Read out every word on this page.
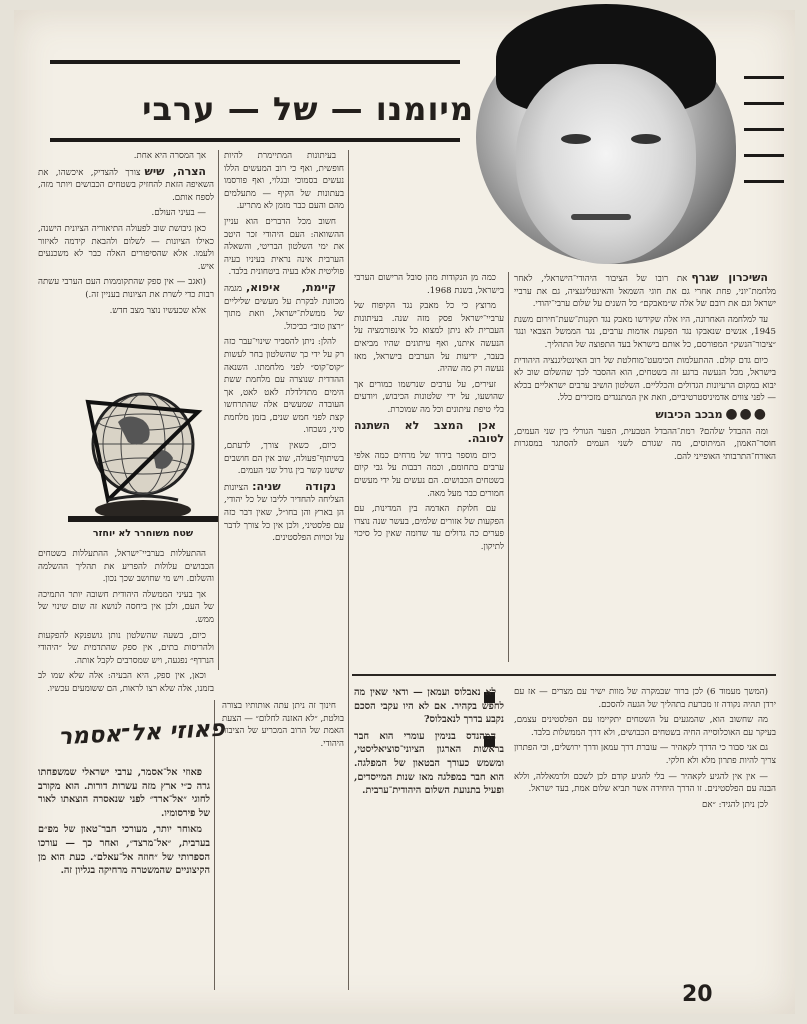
מיומנו — של — ערבי

השיכרון שגרףאת רובו של הציבור היהודי־הישראלי, לאחר מלחמת־יוני, פחת אחרי גם את חוגי השמאל והאינטליגנציה, גם את ערביי ישראל וגם את רובם של אלה ש״מאבקם״ כל השנים על שלום ערבי־יהודי.

עד למלחמה האחרונה, היו אלה שקידשו מאבק נגד תקנות־שעת־חירום משנת 1945, אנשים שנאבקו נגד הפקעת אדמות ערבים, נגד הממשל הצבאי ונגד ״ציבור־הנשק״ המפורסם, כל אותם בישראל בעד התפוצה של התהליך.

כיום גדם קולם. ההתעלמות הכימעט־מוחלטת של רוב האינטליגנציה היהודית בישראל, מכל הנעשה ברגע זה בשטחים, הוא ההסבר לכך שהשלום שוב לא יבוא במקום הרעיונות הגדולים והכלליים. השלטון הושיב ערבים ישראליים בכלא — לפני צווים אדמיניסטרטיביים, וזאת אין המתנגדים מזכירים כלל.

●●● מבכב הכיבוש

ומה ההבדל שלהם? רמת־ההבדל הטבעית, הפער הגורלי בין שני העמים, חוסר־האמון, המיתוסים, מה שגורם לשני העמים להסתגר במסגרות האורח־התרבותי האופייני להם.

כמה מן הנקודות מהן סובל הרישום הערבי בישראל, בשנת 1968.

מרוצץ כי כל מאבק נגד הקיפוח של ערביי־ישראל פסק מזה שנה. בעיתונות העברית לא ניתן למצוא כל אינפורמציה על הנעשה איתנו, ואף עיתונים שהיו מביאים בעבר, ידיעות על הערבים בישראל, מאז נעשה רק מה שהיה.

זעירים, על ערבים שנרשמו כמורים אך שהושעו, על ידי שלטונות הכיבוש, ויודעים בלי טיפת עיתונים וכל מה שמוכרת.

אכן המצב לא השתנה לטובה.

כיום מוספר בידוד של מרחים כמה אלפי ערבים בתחומם, וכמה רבבות על גבי קיום בשטחים הכבושים. הם נעשים על ידי מעשים חמורים כבר מעל מאה.

עם חלוקת האדמה בין המדינות, עם הפקעות של אזורים שלמים, בעשר שנה נוצרו פערים כה גדולים עד שדומה שאין כל סיכוי לתיקון.

בעיתונות המתיימרת להיות חופשית, ואף כי רוב המעשים הללו נעשים בסמוכי ובגלוי, ואף פורסמו בעתונות של הקיף — מתעלמים מהם והעם כבר מזמן לא מתריע.

חשוב מכל הדברים הוא עניין ההשוואה: העם היהודי זכר היטב את ימי השלטון הבריטי, והשאלה הערבית אינה נראית בעיניו בעיה פוליטית אלא בעיה ביטחונית בלבד.

קיימת, איפוא,מגמה מכוונת לבקרת על מעשים שליליים של ממשלת־ישראל, וזאת מתוך ״רצון טוב״ כביכול.

להלן: ניתן להסביר שינוי־עבר כזה רק על ידי כך שהשלטון בחר לעשות ״קוס־קוס״ לפני מלחמתו. השנאה ההדדית שנוצרה עם מלחמת ששת הימים מתדלדלת לאט לאט, אך העובדה שמעשים אלה שהתרחשו קצת לפני חמש שנים, בזמן מלחמת סיני, נשכחו.

כיום, כשאין צורך, לדעתם, בשיתוף־פעולה, שוב אין הם חושבים שישנו קשר בין גורל שני העמים.

נקודה שניה:הציונות הצליחה להחדיר לליבו של כל יהודי, הן בארץ והן בחו״ל, שאין דבר כזה עם פלסטיני, ולכן אין כל צורך לדבר על זכויות הפלסטינים.

אך המסרה היא אחת.

הצרה, שישצורך להצדיק, איכשהו, את השאיפה הזאת להחזיק בשטחים הכבושים ויותר מזה, לספח אותם.

— בעיני העולם.

כאן גיבושת שוב לפעולה התיאוריה הציונית הישנה, כאילו הציונות — לשלום ולהבאת קידמה לאיזור ולעמו. אלא שהסיפורים האלה כבר לא משכנעים איש.

(ואגב — אין ספק שהתקוממות העם הערבי עשתה רבות כדי לשרת את הציונות בעניין זה.)

אלא שכעשיו נוצר מצב חדש.

שטח משוחרר לא יוחזר

ההתעללות בערביי־ישראל, ההתעללות בשטחים הכבושים עלולות להפריע את תהליך ההשלמה והשלום. ויש מי שחושב שכך נכון.

אך בעיני הממשלה היהודית חשובה יותר התמיכה של העם, ולכן אין ביחסה לנושא זה שום שינוי של ממש.

כיום, בשעה שהשלטון נותן גושפנקא להפקעות ולהריסות בתים, אין ספק שהתדמית של ״היהודי הנרדף״ נפגעה, ויש שמסרבים לקבל אותה.

וכאן, אין ספק, היא הבעיה: אלה שלא שמו לב בזמנו, אלה שלא רצו לראות, הם ששומעים עכשיו.

פאוזי אל־אסמר

פאוזי אל־אסמר, ערבי ישראלי שמשפחתו גרה כ״י ארץ מזה עשרות דורות. הוא מקורב לחוגי ״אל־ארד״ לפני שנאסרה הוצאתו לאור של פירסומיו.

מאוחר יותר, מעורכי חבר־טאון של מפ״ם בערבית, ״אל־מרצד״, ואחר כך — עורכו הספרותי של ״חוזה אל־עאלם״. כעת הוא מן הקיצוניים שהמשטרה מרחיקה בגליון זה.

חינוך זה ניתן עתה אותותיו בצורה בולטת, ״לא האזנה לחלום״ — הצעת האמת של הרוב המכריע של הציבור היהודי.

לא נאבלוס ועמאן — ודאי שאין מה לחפש בקהיר. אם לא היו עקבי הסכם נקבע בדרך לנאבלוס?

המהנדס בנימין עומרי הוא חבר בראשות הארגון הציוני־סוציאליסטי, ומשמש כעורך הבטאון של המפלגה. הוא חבר במפלגה מאז שנות המייסדים, ופעיל בתנועת השלום היהודית־ערבית.

(המשך מעמוד 6) לכן ברור שבמקרה של מוות ישיר עם מצרים — אז עם ירדן תהיה נקודה זו מכרעת בתהליך של הגעה להסכם.

מה שחשוב הוא, שהמגעים על השטחים יתקיימו עם הפלסטינים עצמם, בעיקר עם האוכלוסייה החיה בשטחים הכבושים, ולא דרך הממשלות בלבד.

גם אני סבור כי הדרך לקאהיר — עוברת דרך עמאן ודרך ירושלים, וכי הפתרון צריך להיות פתרון מלא ולא חלקי.

— אין אין להגיע לקאהיר — בלי להגיע קודם לכן לשכם ולרמאללה, וללא הבנה עם הפלסטינים. זו הדרך היחידה אשר תביא שלום אמת, בעד ישראל.

לכן ניתן להגיד: ״אם

20
